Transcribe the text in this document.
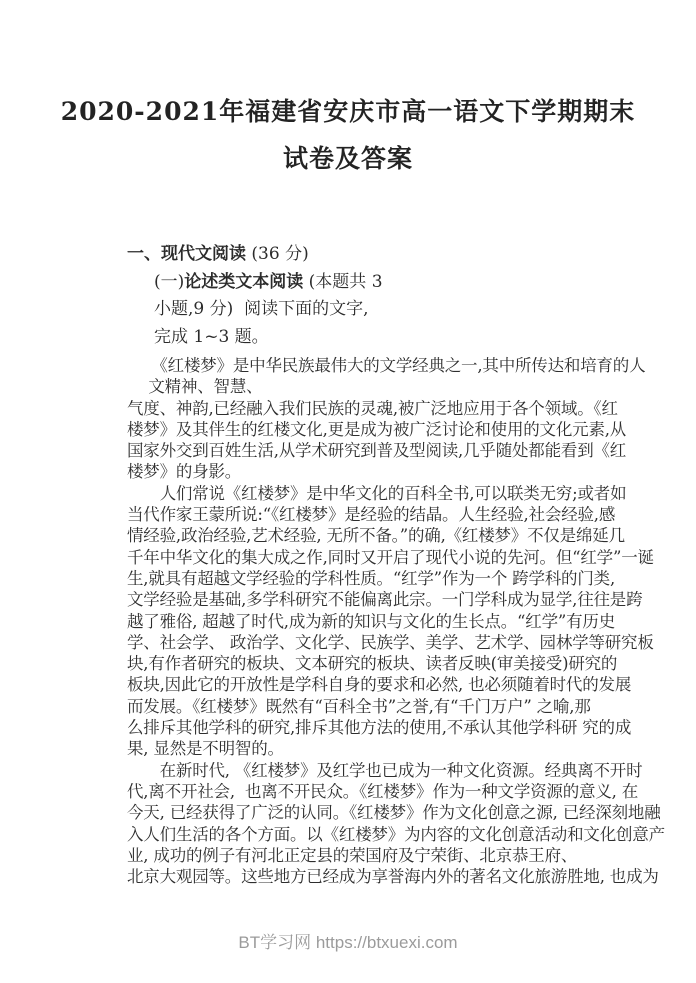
2020-2021年福建省安庆市高一语文下学期期末
试卷及答案
一、现代文阅读 (36 分)
(一)论述类文本阅读 (本题共 3
小题,9 分)  阅读下面的文字,
完成 1~3 题。
　　《红楼梦》是中华民族最伟大的文学经典之一,其中所传达和培育的人
　 文精神、智慧、
气度、神韵,已经融入我们民族的灵魂,被广泛地应用于各个领域。《红
楼梦》及其伴生的红楼文化,更是成为被广泛讨论和使用的文化元素,从
国家外交到百姓生活,从学术研究到普及型阅读,几乎随处都能看到《红
楼梦》的身影。
　　人们常说《红楼梦》是中华文化的百科全书,可以联类无穷;或者如
当代作家王蒙所说:“《红楼梦》是经验的结晶。人生经验,社会经验,感
情经验,政治经验,艺术经验, 无所不备。”的确,《红楼梦》不仅是绵延几
千年中华文化的集大成之作,同时又开启了现代小说的先河。但“红学”一诞
生,就具有超越文学经验的学科性质。“红学”作为一个 跨学科的门类,
文学经验是基础,多学科研究不能偏离此宗。一门学科成为显学,往往是跨
越了雅俗, 超越了时代,成为新的知识与文化的生长点。“红学”有历史
学、社会学、 政治学、文化学、民族学、美学、艺术学、园林学等研究板
块,有作者研究的板块、文本研究的板块、读者反映(审美接受)研究的
板块,因此它的开放性是学科自身的要求和必然, 也必须随着时代的发展
而发展。《红楼梦》既然有“百科全书”之誉,有“千门万户” 之喻,那
么排斥其他学科的研究,排斥其他方法的使用,不承认其他学科研 究的成
果, 显然是不明智的。
　　在新时代, 《红楼梦》及红学也已成为一种文化资源。经典离不开时
代,离不开社会,  也离不开民众。《红楼梦》作为一种文学资源的意义, 在
今天, 已经获得了广泛的认同。《红楼梦》作为文化创意之源, 已经深刻地融
入人们生活的各个方面。以《红楼梦》为内容的文化创意活动和文化创意产
业, 成功的例子有河北正定县的荣国府及宁荣街、北京恭王府、
北京大观园等。这些地方已经成为享誉海内外的著名文化旅游胜地, 也成为
BT学习网 https://btxuexi.com
